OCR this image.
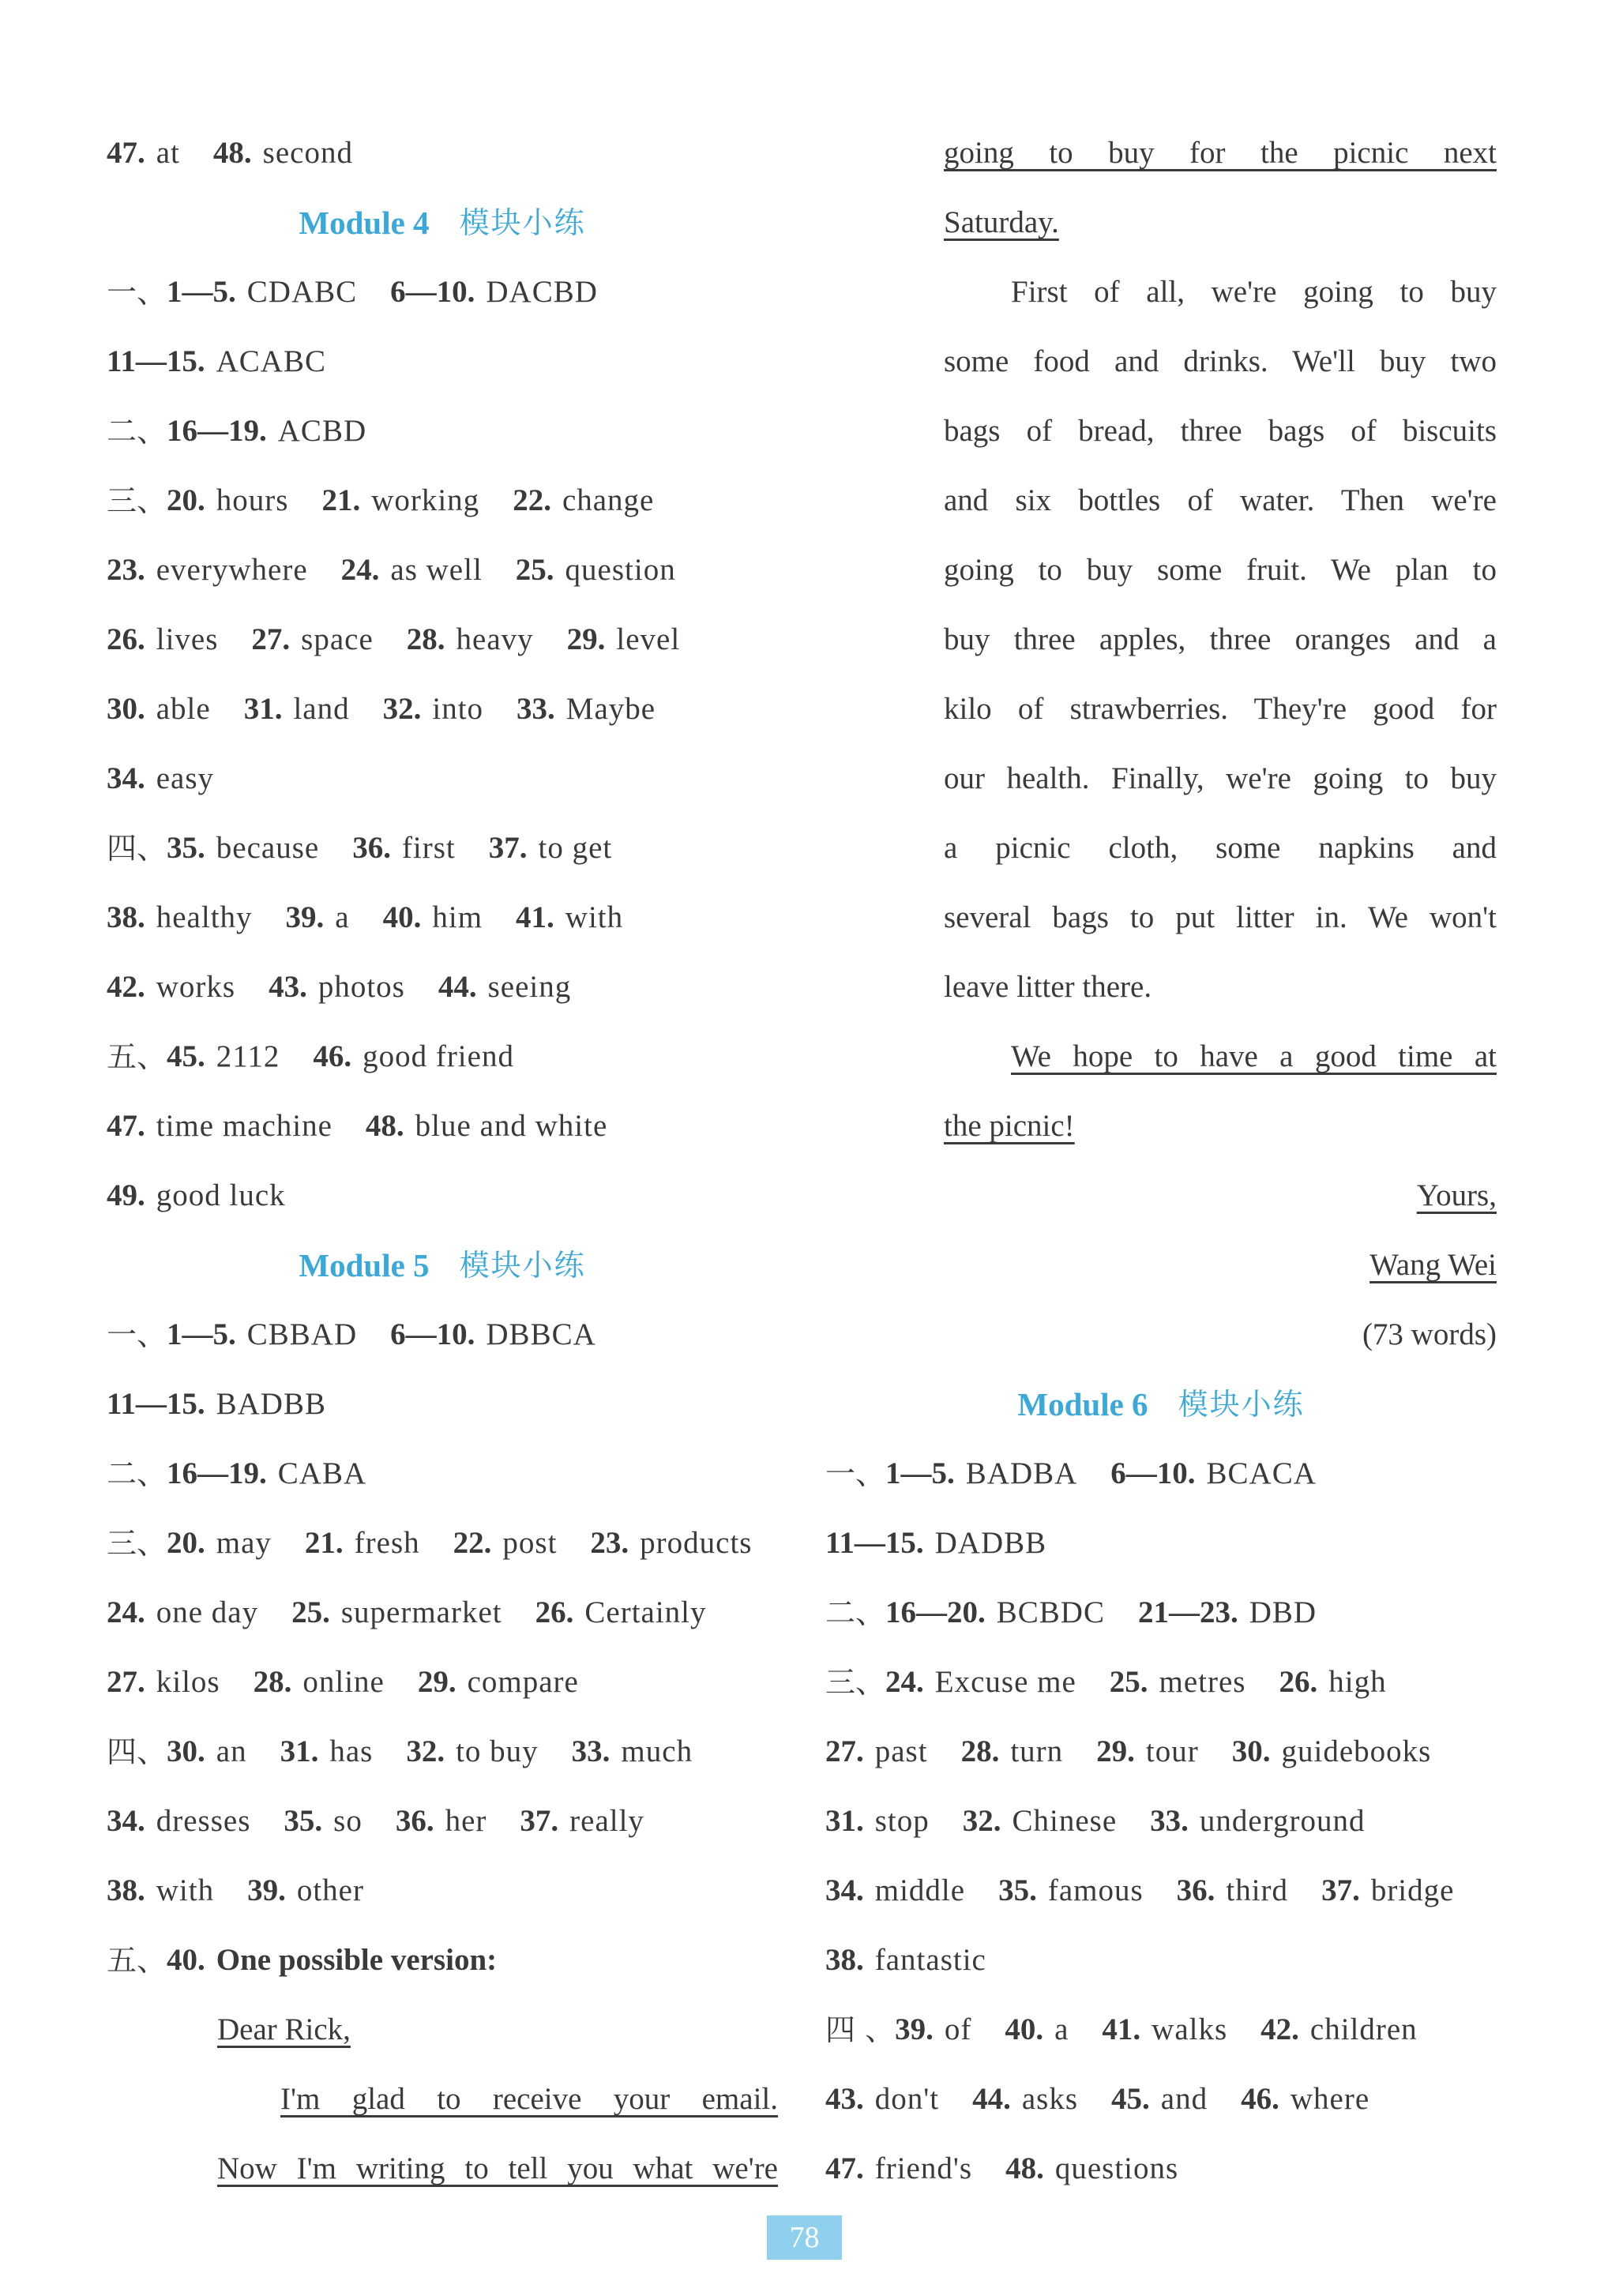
47. at 48. second
Module 4 模块小练
一、 1—5. CDABC 6—10. DACBD
11—15. ACABC
二、 16—19. ACBD
三、 20. hours 21. working 22. change
23. everywhere 24. as well 25. question
26. lives 27. space 28. heavy 29. level
30. able 31. land 32. into 33. Maybe
34. easy
四、 35. because 36. first 37. to get
38. healthy 39. a 40. him 41. with
42. works 43. photos 44. seeing
五、 45. 2112 46. good friend
47. time machine 48. blue and white
49. good luck
Module 5 模块小练
一、 1—5. CBBAD 6—10. DBBCA
11—15. BADBB
二、 16—19. CABA
三、 20. may 21. fresh 22. post 23. products
24. one day 25. supermarket 26. Certainly
27. kilos 28. online 29. compare
四、 30. an 31. has 32. to buy 33. much
34. dresses 35. so 36. her 37. really
38. with 39. other
五、 40. One possible version:
Dear Rick,
I'm glad to receive your email.
Now I'm writing to tell you what we're
going to buy for the picnic next
Saturday.
First of all, we're going to buy
some food and drinks. We'll buy two
bags of bread, three bags of biscuits
and six bottles of water. Then we're
going to buy some fruit. We plan to
buy three apples, three oranges and a
kilo of strawberries. They're good for
our health. Finally, we're going to buy
a picnic cloth, some napkins and
several bags to put litter in. We won't
leave litter there.
We hope to have a good time at
the picnic!
Yours,
Wang Wei
(73 words)
Module 6 模块小练
一、 1—5. BADBA 6—10. BCACA
11—15. DADBB
二、 16—20. BCBDC 21—23. DBD
三、 24. Excuse me 25. metres 26. high
27. past 28. turn 29. tour 30. guidebooks
31. stop 32. Chinese 33. underground
34. middle 35. famous 36. third 37. bridge
38. fantastic
四 、 39. of 40. a 41. walks 42. children
43. don't 44. asks 45. and 46. where
47. friend's 48. questions
78
